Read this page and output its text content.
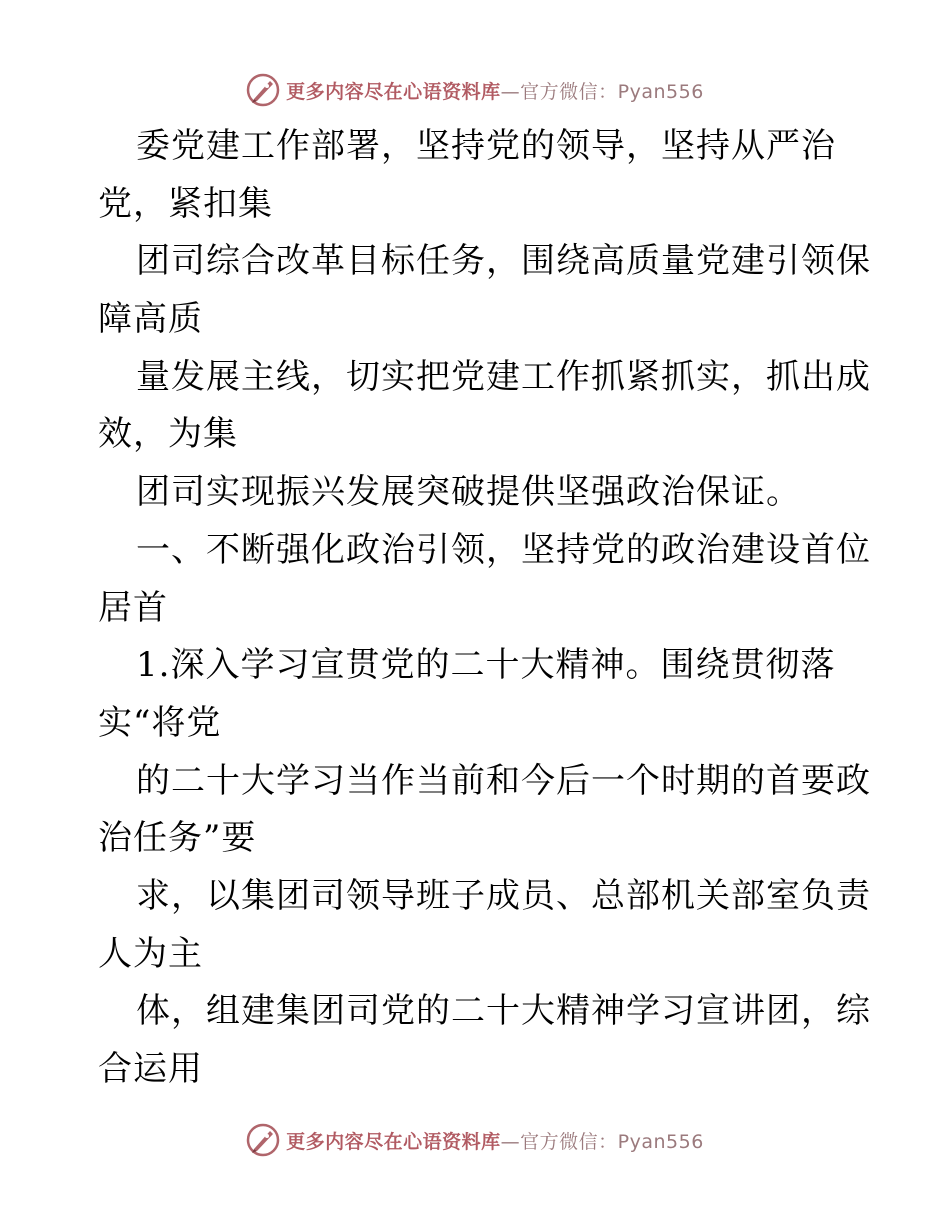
更多内容尽在心语资料库—官方微信：Pyan556
委党建工作部署，坚持党的领导，坚持从严治
党，紧扣集
团司综合改革目标任务，围绕高质量党建引领保
障高质
量发展主线，切实把党建工作抓紧抓实，抓出成
效，为集
团司实现振兴发展突破提供坚强政治保证。
一、不断强化政治引领，坚持党的政治建设首位
居首
1.深入学习宣贯党的二十大精神。围绕贯彻落
实“将党
的二十大学习当作当前和今后一个时期的首要政
治任务”要
求，以集团司领导班子成员、总部机关部室负责
人为主
体，组建集团司党的二十大精神学习宣讲团，综
合运用
更多内容尽在心语资料库—官方微信：Pyan556
